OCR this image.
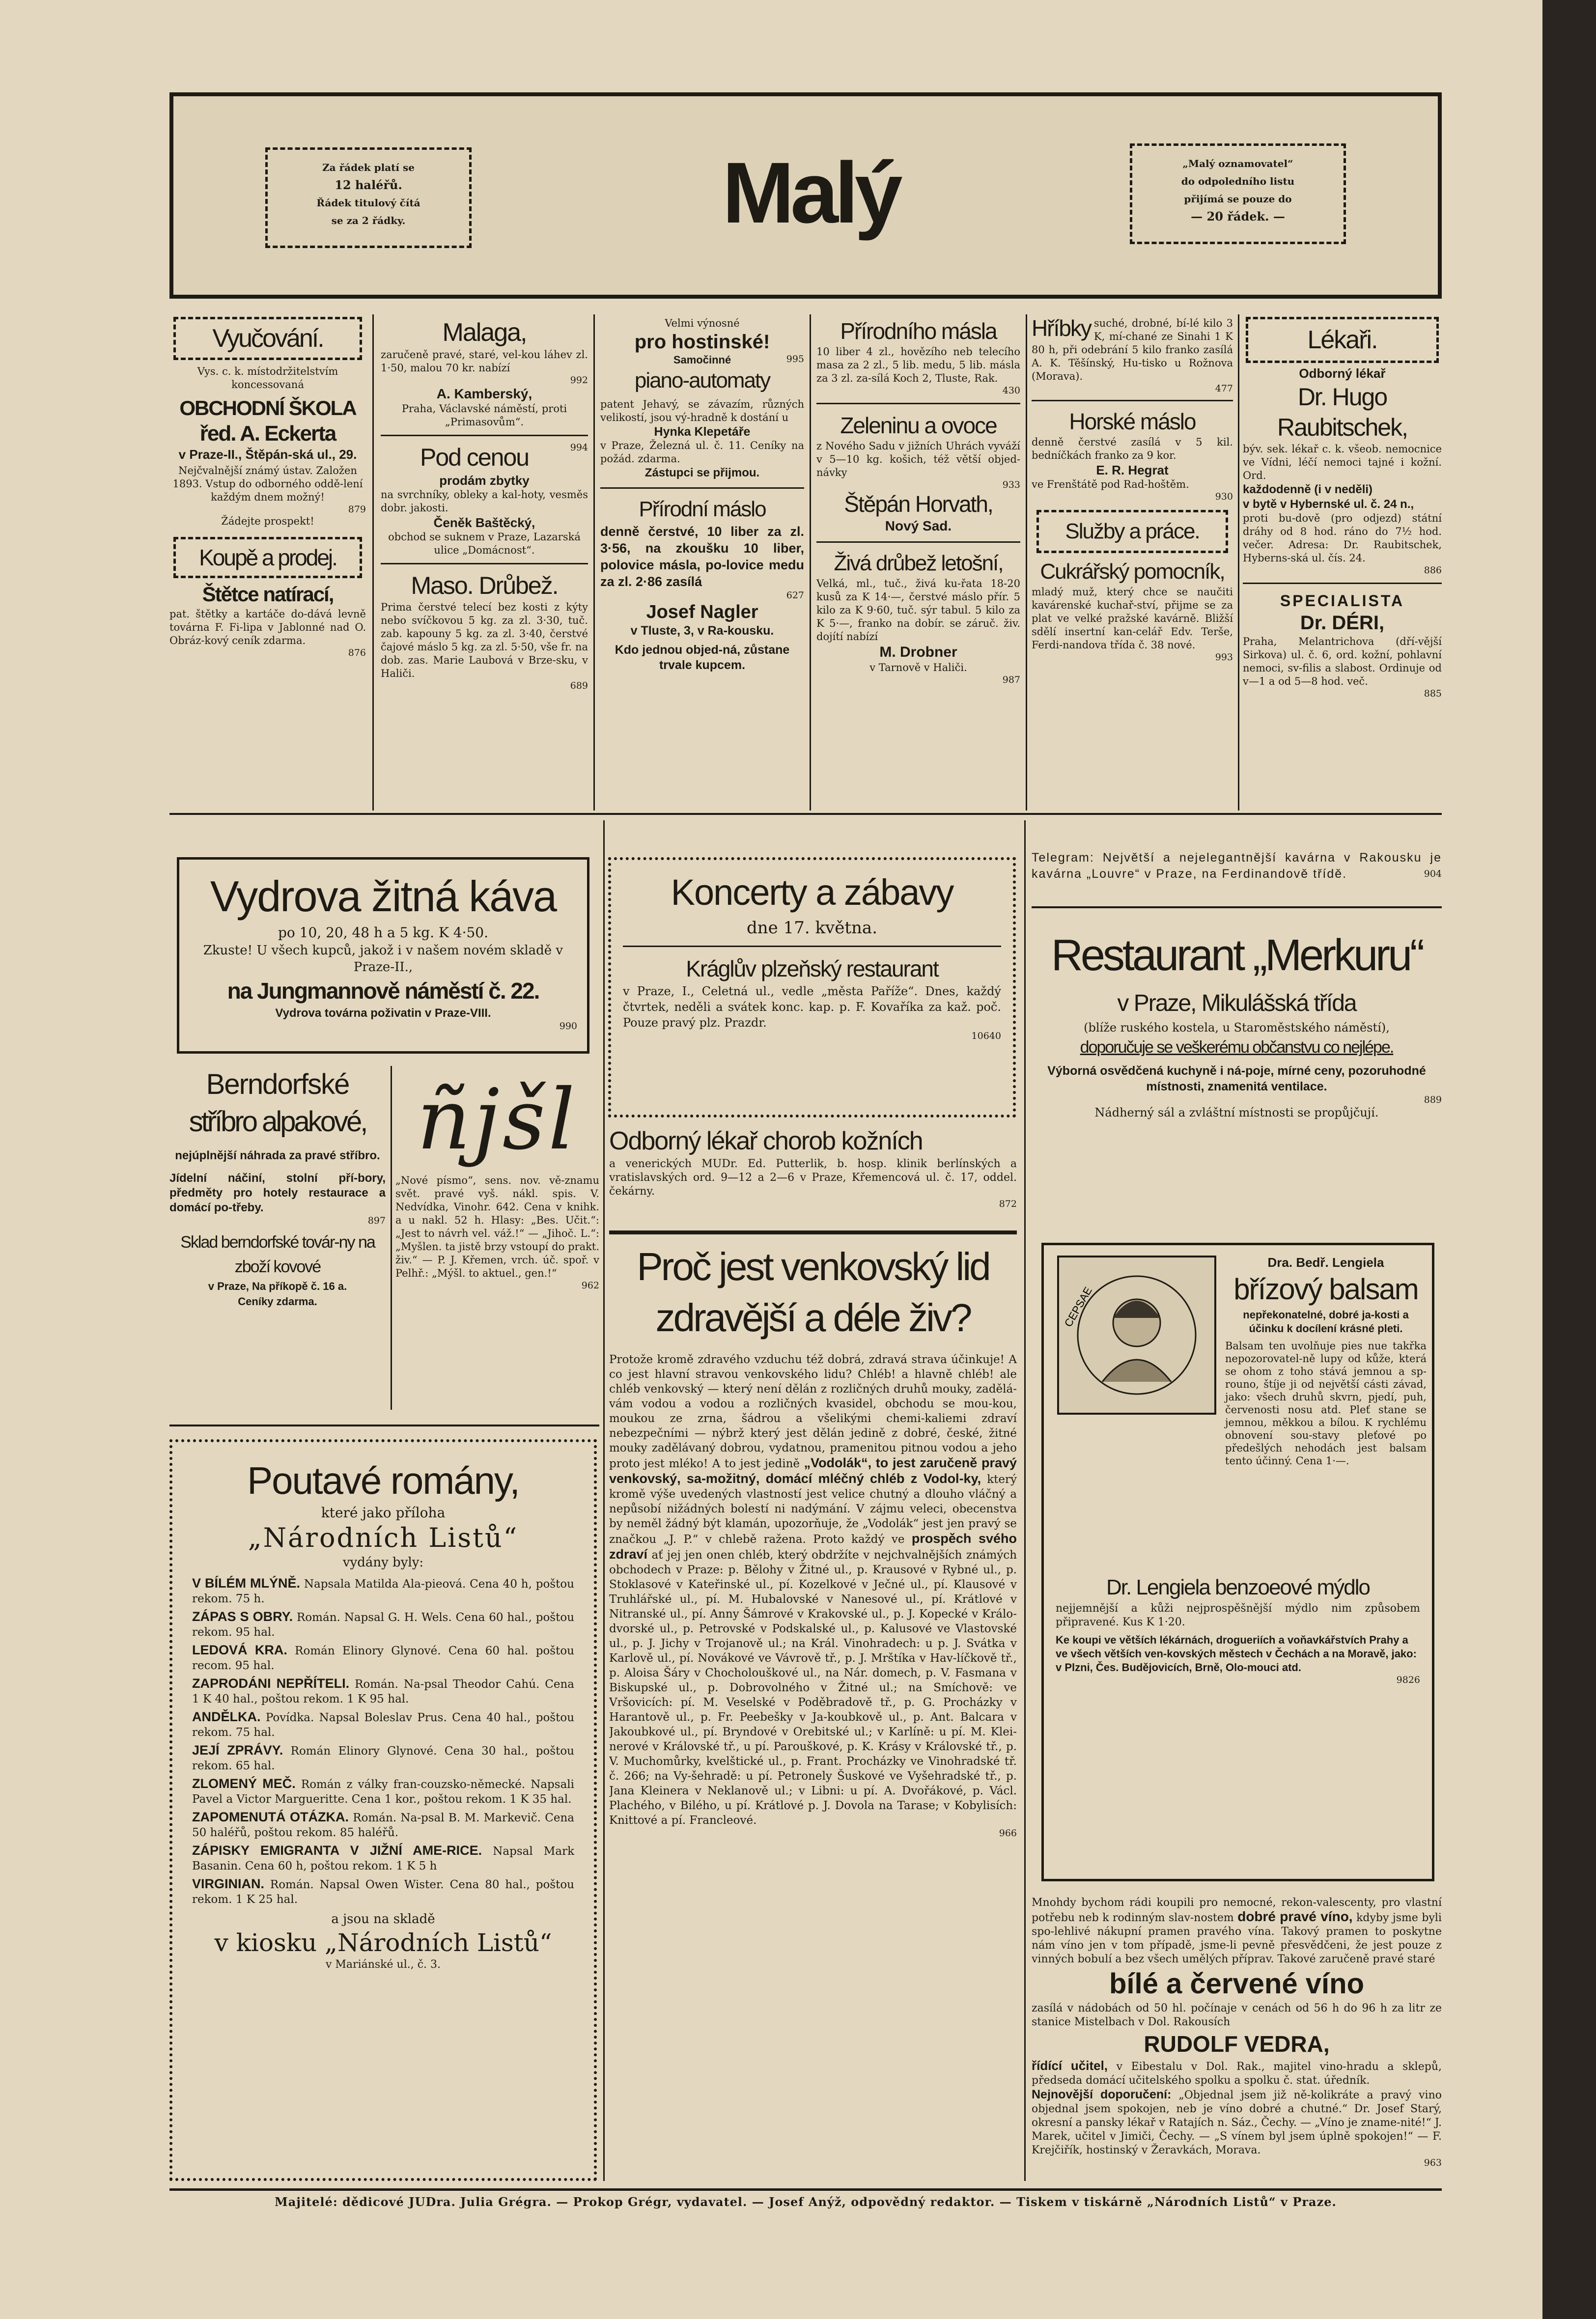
Za řádek platí se
12 haléřů.
Řádek titulový čítá
se za 2 řádky.	Malý	„Malý oznamovatel“
do odpoledního listu
přijímá se pouze do
— 20 řádek. —
Vyučování.
Vys. c. k. místodržitelstvím
koncessovaná
OBCHODNÍ ŠKOLA
řed. A. Eckerta
v Praze-II., Štěpán-ská ul., 29.
Nejčvalnější známý ústav. Založen 1893. Vstup do odborného oddě-lení každým dnem možný!
879
Žádejte prospekt!
Koupě a prodej.
Štětce natírací,
pat. štětky a kartáče do-dává levně továrna F. Fi-lipa v Jablonné nad O. Obráz-kový ceník zdarma.
876
Malaga,
zaručeně pravé, staré, vel-kou láhev zl. 1·50, malou 70 kr. nabízí
992
A. Kamberský,
Praha, Václavské náměstí, proti „Primasovům“.
Pod cenou	994
prodám zbytky
na svrchníky, obleky a kal-hoty, vesměs dobr. jakosti.
Čeněk Baštěcký,
obchod se suknem v Praze, Lazarská ulice „Domácnost“.
Maso. Drůbež.
Prima čerstvé telecí bez kosti z kýty nebo svíčkovou 5 kg. za zl. 3·30, tuč. zab. kapouny 5 kg. za zl. 3·40, čerstvé čajové máslo 5 kg. za zl. 5·50, vše fr. na dob. zas. Marie Laubová v Brze-sku, v Haliči.
689
Velmi výnosné
pro hostinské!
Samočinné	995
piano-automaty
patent Jehavý, se závazím, různých velikostí, jsou vý-hradně k dostání u
Hynka Klepetáře
v Praze, Železná ul. č. 11. Ceníky na požád. zdarma.
Zástupci se přijmou.
Přírodní máslo
denně čerstvé, 10 liber za zl. 3·56, na zkoušku 10 liber, polovice másla, po-lovice medu za zl. 2·86 zasílá
627
Josef Nagler
v Tluste, 3, v Ra-kousku.
Kdo jednou objed-ná, zůstane trvale kupcem.
Přírodního másla
10 liber 4 zl., hovězího neb telecího masa za 2 zl., 5 lib. medu, 5 lib. másla za 3 zl. za-sílá Koch 2, Tluste, Rak.
430
Zeleninu a ovoce
z Nového Sadu v jižních Uhrách vyváží v 5—10 kg. košich, též větší objed-návky
933
Štěpán Horvath,
Nový Sad.
Živá drůbež letošní,
Velká, ml., tuč., živá ku-řata 18-20 kusů za K 14·—, čerstvé máslo přír. 5 kilo za K 9·60, tuč. sýr tabul. 5 kilo za K 5·—, franko na dobír. se záruč. živ. dojítí nabízí
M. Drobner
v Tarnově v Haliči.
987
Hříbky suché, drobné, bí-lé kilo 3 K, mí-chané ze Sinahi 1 K 80 h, při odebrání 5 kilo franko zasílá A. K. Těšínský, Hu-tisko u Rožnova (Morava).
477
Horské máslo
denně čerstvé zasílá v 5 kil. bedníčkách franko za 9 kor.
E. R. Hegrat
ve Frenštátě pod Rad-hoštěm.
930
Služby a práce.
Cukrářský pomocník,
mladý muž, který chce se naučiti kavárenské kuchař-ství, přijme se za plat ve velké pražské kavárně. Bližší sdělí insertní kan-celář Edv. Terše, Ferdi-nandova třída č. 38 nové.
993
Lékaři.
Odborný lékař
Dr. Hugo Raubitschek,
býv. sek. lékař c. k. všeob. nemocnice ve Vídni, léčí nemoci tajné i kožní. Ord.
každodenně (i v neděli)
v bytě v Hybernské ul. č. 24 n.,
proti bu-dově (pro odjezd) státní dráhy od 8 hod. ráno do 7½ hod. večer. Adresa: Dr. Raubitschek, Hyberns-ská ul. čís. 24.
886
SPECIALISTA
Dr. DÉRI,
Praha, Melantrichova (dří-vější Sirkova) ul. č. 6, ord. kožní, pohlavní nemoci, sv-filis a slabost. Ordinuje od v—1 a od 5—8 hod. več.
885
Vydrova žitná káva
po 10, 20, 48 h a 5 kg. K 4·50.
Zkuste! U všech kupců, jakož i v našem novém skladě v Praze-II.,
na Jungmannově náměstí č. 22.
Vydrova továrna poživatin v Praze-VIII.
990
Berndorfské
stříbro alpakové,
nejúplnější náhrada za pravé stříbro.
Jídelní náčiní, stolní pří-bory, předměty pro hotely restaurace a domácí po-třeby.
897
Sklad berndorfské továr-ny na zboží kovové
v Praze, Na příkopě č. 16 a.
Ceníky zdarma.
ñjšl
„Nové písmo“, sens. nov. vě-znamu svět. pravé vyš. nákl. spis. V. Nedvídka, Vinohr. 642. Cena v knihk. a u nakl. 52 h. Hlasy: „Bes. Učit.“: „Jest to návrh vel. váž.!“ — „Jihoč. L.“: „Myšlen. ta jistě brzy vstoupí do prakt. živ.“ — P. J. Křemen, vrch. úč. spoř. v Pelhř.: „Mýšl. to aktuel., gen.!“
962
Poutavé romány,
které jako příloha
„Národních Listů“
vydány byly:
V BÍLÉM MLÝNĚ. Napsala Matilda Ala-pieová. Cena 40 h, poštou rekom. 75 h.
ZÁPAS S OBRY. Román. Napsal G. H. Wels. Cena 60 hal., poštou rekom. 95 hal.
LEDOVÁ KRA. Román Elinory Glynové. Cena 60 hal. poštou recom. 95 hal.
ZAPRODÁNI NEPŘÍTELI. Román. Na-psal Theodor Cahú. Cena 1 K 40 hal., poštou rekom. 1 K 95 hal.
ANDĚLKA. Povídka. Napsal Boleslav Prus. Cena 40 hal., poštou rekom. 75 hal.
JEJÍ ZPRÁVY. Román Elinory Glynové. Cena 30 hal., poštou rekom. 65 hal.
ZLOMENÝ MEČ. Román z války fran-couzsko-německé. Napsali Pavel a Victor Margueritte. Cena 1 kor., poštou rekom. 1 K 35 hal.
ZAPOMENUTÁ OTÁZKA. Román. Na-psal B. M. Markevič. Cena 50 haléřů, poštou rekom. 85 haléřů.
ZÁPISKY EMIGRANTA V JIŽNÍ AME-RICE. Napsal Mark Basanin. Cena 60 h, poštou rekom. 1 K 5 h
VIRGINIAN. Román. Napsal Owen Wister. Cena 80 hal., poštou rekom. 1 K 25 hal.
a jsou na skladě
v kiosku „Národních Listů“
v Mariánské ul., č. 3.
Koncerty a zábavy
dne 17. května.
Kráglův plzeňský restaurant
v Praze, I., Celetná ul., vedle „města Paříže“. Dnes, každý čtvrtek, neděli a svátek konc. kap. p. F. Kovaříka za kaž. poč. Pouze pravý plz. Prazdr.
10640
Odborný lékař chorob kožních
a venerických MUDr. Ed. Putterlik, b. hosp. klinik berlínských a vratislavských ord. 9—12 a 2—6 v Praze, Křemencová ul. č. 17, oddel. čekárny.
872
Proč jest venkovský lid
zdravější a déle živ?
Protože kromě zdravého vzduchu též dobrá, zdravá strava účinkuje! A co jest hlavní stravou venkovského lidu? Chléb! a hlavně chléb! ale chléb venkovský — který není dělán z rozličných druhů mouky, zadělá-vám vodou a vodou a rozličných kvasidel, obchodu se mou-kou, moukou ze zrna, šádrou a všelikými chemi-kaliemi zdraví nebezpečními — nýbrž který jest dělán jedině z dobré, české, žitné mouky zadělávaný dobrou, vydatnou, pramenitou pitnou vodou a jeho proto jest mléko! A to jest jedině „Vodolák“, to jest zaručeně pravý venkovský, sa-možitný, domácí mléčný chléb z Vodol-ky, který kromě výše uvedených vlastností jest velice chutný a dlouho vláčný a nepůsobí nižádných bolestí ni nadýmání. V zájmu veleci, obecenstva by neměl žádný být klamán, upozorňuje, že „Vodolák“ jest jen pravý se značkou „J. P.“ v chlebě ražena. Proto každý ve prospěch svého zdraví ať jej jen onen chléb, který obdržíte v nejchvalnějších známých obchodech v Praze: p. Bělohy v Žitné ul., p. Krausové v Rybné ul., p. Stoklasové v Kateřinské ul., pí. Kozelkové v Ječné ul., pí. Klausové v Truhlářské ul., pí. M. Hubalovské v Nanesové ul., pí. Krátlové v Nitranské ul., pí. Anny Šámrové v Krakovské ul., p. J. Kopecké v Králo-dvorské ul., p. Petrovské v Podskalské ul., p. Kalusové ve Vlastovské ul., p. J. Jichy v Trojanově ul.; na Král. Vinohradech: u p. J. Svátka v Karlově ul., pí. Novákové ve Vávrově tř., p. J. Mrštíka v Hav-líčkově tř., p. Aloisa Šáry v Chocholouškové ul., na Nár. domech, p. V. Fasmana v Biskupské ul., p. Dobrovolného v Žitné ul.; na Smíchově: ve Vršovicích: pí. M. Veselské v Poděbradově tř., p. G. Procházky v Harantově ul., p. Fr. Peebešky v Ja-koubkově ul., p. Ant. Balcara v Jakoubkové ul., pí. Bryndové v Orebitské ul.; v Karlíně: u pí. M. Klei-nerové v Královské tř., u pí. Parouškové, p. K. Krásy v Královské tř., p. V. Muchomůrky, kvelštické ul., p. Frant. Procházky ve Vinohradské tř. č. 266; na Vy-šehradě: u pí. Petronely Šuskové ve Vyšehradské tř., p. Jana Kleinera v Neklanově ul.; v Libni: u pí. A. Dvořákové, p. Václ. Plachého, v Bilého, u pí. Krátlové p. J. Dovola na Tarase; v Kobylisích: Knittové a pí. Francleové.
966
Telegram: Největší a nejelegantnější kavárna v Rakousku je kavárna „Louvre“ v Praze, na Ferdinandově třídě.	904
Restaurant „Merkuru“
v Praze, Mikulášská třída
(blíže ruského kostela, u Staroměstského náměstí),
doporučuje se veškerému občanstvu co nejlépe.
Výborná osvědčená kuchyně i ná-poje, mírné ceny, pozoruhodné místnosti, znamenitá ventilace.
889
Nádherný sál a zvláštní místnosti se propůjčují.
CEPSAE
Dra. Bedř. Lengiela
břízový balsam
nepřekonatelné, dobré ja-kosti a účinku k docílení krásné pleti.
Balsam ten uvolňuje pies nue takřka nepozorovatel-ně lupy od kůže, která se ohom z toho stává jemnou a sp-rouno, štíje ji od největší cásti závad, jako: všech druhů skvrn, pjedí, puh, červenosti nosu atd. Pleť stane se jemnou, měkkou a bílou. K rychlému obnovení sou-stavy pleťové po předešlých nehodách jest balsam tento účinný. Cena 1·—.
Dr. Lengiela benzoeové mýdlo
nejjemnější a kůži nejprospěšnější mýdlo nim způsobem připravené. Kus K 1·20.
Ke koupi ve větších lékárnách, drogueriích a voňavkářstvích Prahy a ve všech větších ven-kovských městech v Čechách a na Moravě, jako: v Plzni, Čes. Budějovicích, Brně, Olo-mouci atd.
9826
Mnohdy bychom rádi koupili pro nemocné, rekon-valescenty, pro vlastní potřebu neb k rodinným slav-nostem dobré pravé víno, kdyby jsme byli spo-lehlivé nákupní pramen pravého vína. Takový pramen to poskytne nám víno jen v tom případě, jsme-li pevně přesvědčeni, že jest pouze z vinných bobulí a bez všech umělých příprav. Takové zaručeně pravé staré
bílé a červené víno
zasílá v nádobách od 50 hl. počínaje v cenách od 56 h do 96 h za litr ze stanice Mistelbach v Dol. Rakousích
RUDOLF VEDRA,
řídící učitel, v Eibestalu v Dol. Rak., majitel vino-hradu a sklepů, předseda domácí učitelského spolku a spolku č. stat. úředník.
Nejnovější doporučení: „Objednal jsem již ně-kolikráte a pravý vino objednal jsem spokojen, neb je víno dobré a chutné.“ Dr. Josef Starý, okresní a pansky lékař v Ratajích n. Sáz., Čechy. — „Víno je zname-nité!“ J. Marek, učitel v Jimiči, Čechy. — „S vínem byl jsem úplně spokojen!“ — F. Krejčiřík, hostinský v Žeravkách, Morava.
963
Majitelé: dědicové JUDra. Julia Grégra. — Prokop Grégr, vydavatel. — Josef Anýž, odpovědný redaktor. — Tiskem v tiskárně „Národních Listů“ v Praze.
